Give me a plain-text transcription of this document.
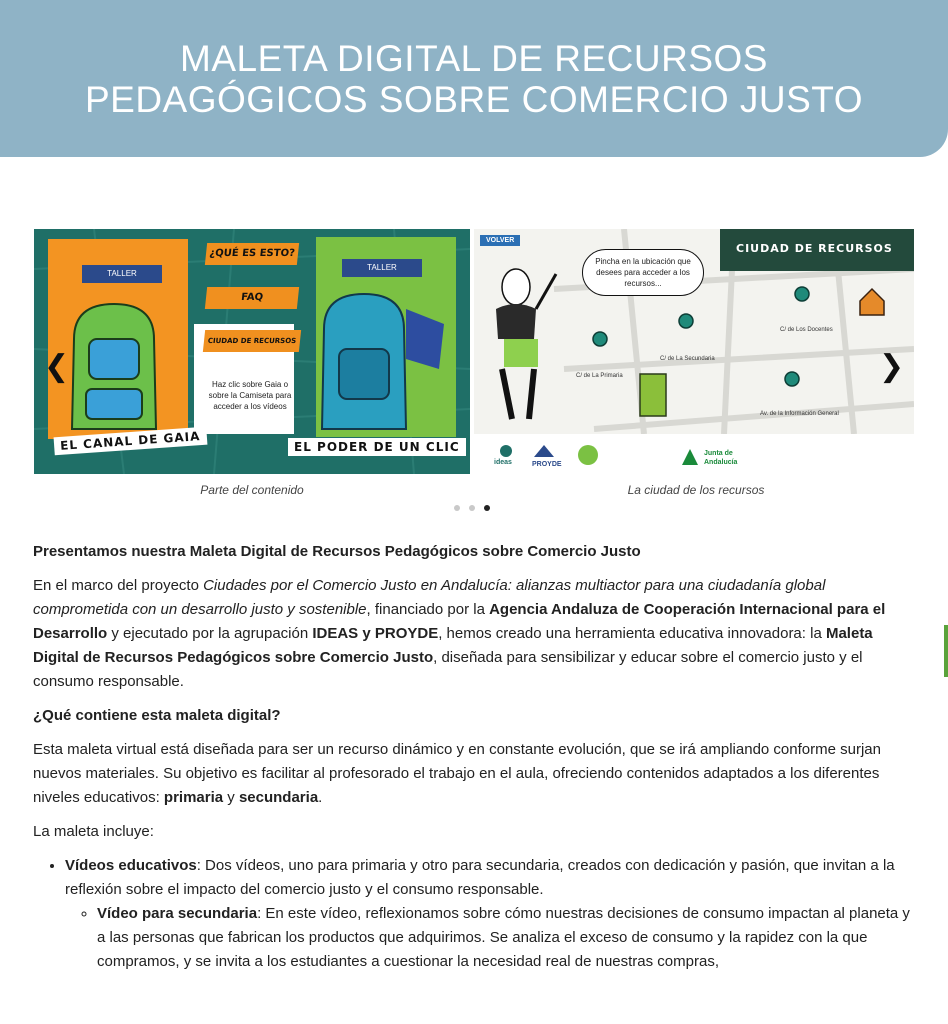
MALETA DIGITAL DE RECURSOS
PEDAGÓGICOS SOBRE COMERCIO JUSTO
TALLER
TALLER
¿QUÉ ES ESTO?
FAQ
CIUDAD DE RECURSOS
Haz clic sobre Gaia o sobre la Camiseta para acceder a los vídeos
EL CANAL DE GAIA	EL PODER DE UN CLIC
VOLVER
CIUDAD DE RECURSOS
Pincha en la ubicación que desees para acceder a los recursos...
C/ de Los Docentes
C/ de La Secundaria
C/ de La Primaria
Av. de la Información General
ideas	PROYDE
Junta de Andalucía
❮	❯
Parte del contenido	La ciudad de los recursos
Presentamos nuestra Maleta Digital de Recursos Pedagógicos sobre Comercio Justo

En el marco del proyecto Ciudades por el Comercio Justo en Andalucía: alianzas multiactor para una ciudadanía global comprometida con un desarrollo justo y sostenible, financiado por la Agencia Andaluza de Cooperación Internacional para el Desarrollo y ejecutado por la agrupación IDEAS y PROYDE, hemos creado una herramienta educativa innovadora: la Maleta Digital de Recursos Pedagógicos sobre Comercio Justo, diseñada para sensibilizar y educar sobre el comercio justo y el consumo responsable.

¿Qué contiene esta maleta digital?

Esta maleta virtual está diseñada para ser un recurso dinámico y en constante evolución, que se irá ampliando conforme surjan nuevos materiales. Su objetivo es facilitar al profesorado el trabajo en el aula, ofreciendo contenidos adaptados a los diferentes niveles educativos: primaria y secundaria.

La maleta incluye:

• Vídeos educativos: Dos vídeos, uno para primaria y otro para secundaria, creados con dedicación y pasión, que invitan a la reflexión sobre el impacto del comercio justo y el consumo responsable.
◦ Vídeo para secundaria: En este vídeo, reflexionamos sobre cómo nuestras decisiones de consumo impactan al planeta y a las personas que fabrican los productos que adquirimos. Se analiza el exceso de consumo y la rapidez con la que compramos, y se invita a los estudiantes a cuestionar la necesidad real de nuestras compras,
